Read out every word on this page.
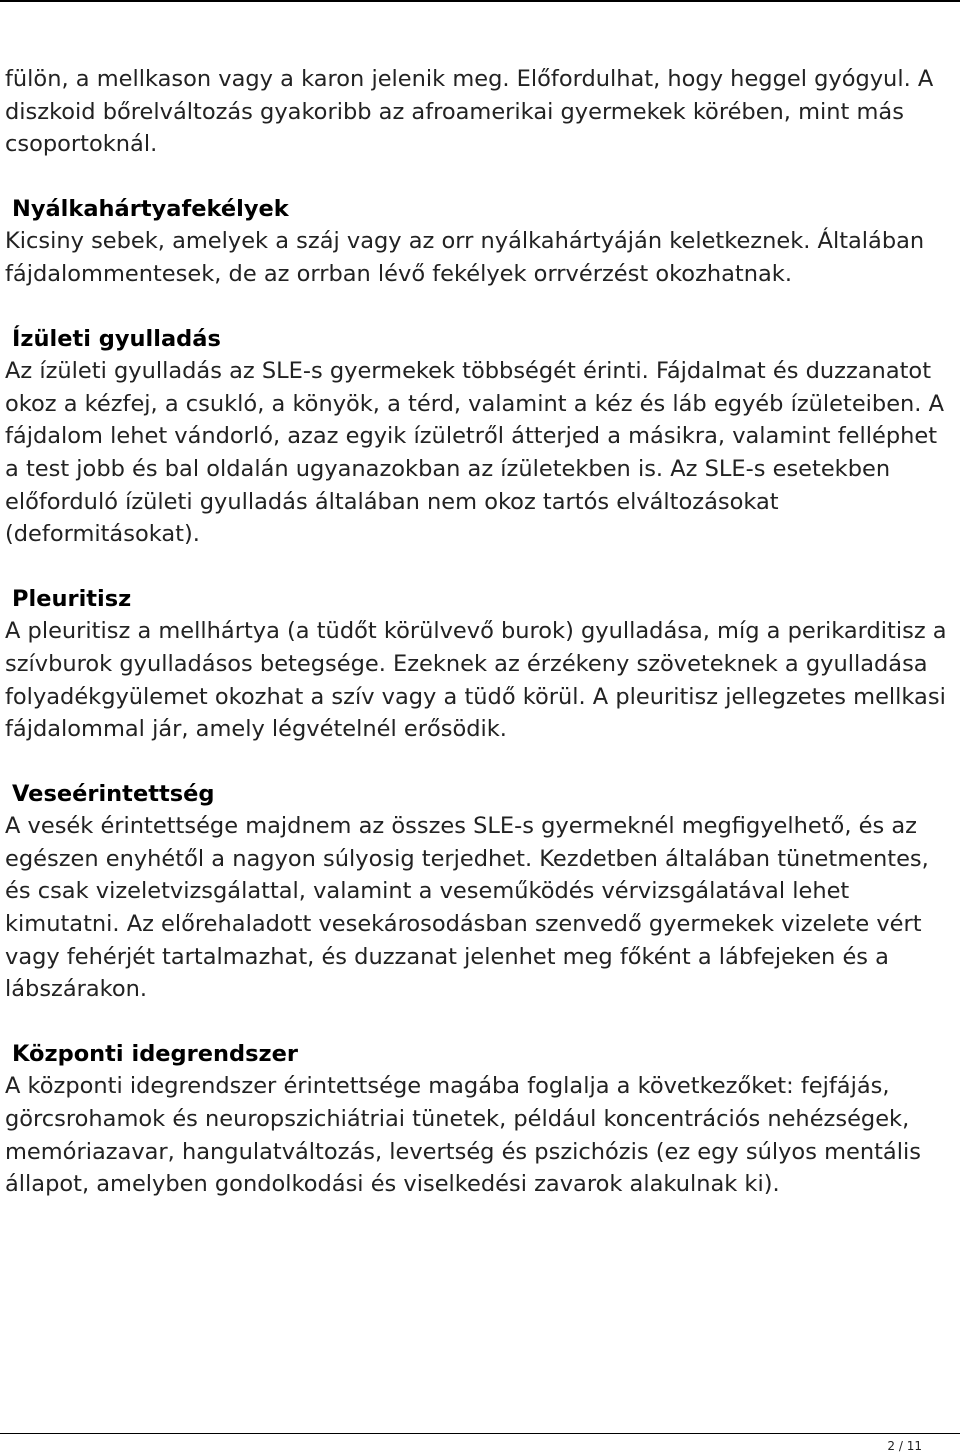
fülön, a mellkason vagy a karon jelenik meg. Előfordulhat, hogy heggel gyógyul. A diszkoid bőrelváltozás gyakoribb az afroamerikai gyermekek körében, mint más csoportoknál.

Nyálkahártyafekélyek

Kicsiny sebek, amelyek a száj vagy az orr nyálkahártyáján keletkeznek. Általában fájdalommentesek, de az orrban lévő fekélyek orrvérzést okozhatnak.

Ízületi gyulladás

Az ízületi gyulladás az SLE-s gyermekek többségét érinti. Fájdalmat és duzzanatot okoz a kézfej, a csukló, a könyök, a térd, valamint a kéz és láb egyéb ízületeiben. A fájdalom lehet vándorló, azaz egyik ízületről átterjed a másikra, valamint felléphet a test jobb és bal oldalán ugyanazokban az ízületekben is. Az SLE-s esetekben előforduló ízületi gyulladás általában nem okoz tartós elváltozásokat (deformitásokat).

Pleuritisz

A pleuritisz a mellhártya (a tüdőt körülvevő burok) gyulladása, míg a perikarditisz a szívburok gyulladásos betegsége. Ezeknek az érzékeny szöveteknek a gyulladása folyadékgyülemet okozhat a szív vagy a tüdő körül. A pleuritisz jellegzetes mellkasi fájdalommal jár, amely légvételnél erősödik.

Veseérintettség

A vesék érintettsége majdnem az összes SLE-s gyermeknél megfigyelhető, és az egészen enyhétől a nagyon súlyosig terjedhet. Kezdetben általában tünetmentes, és csak vizeletvizsgálattal, valamint a veseműködés vérvizsgálatával lehet kimutatni. Az előrehaladott vesekárosodásban szenvedő gyermekek vizelete vért vagy fehérjét tartalmazhat, és duzzanat jelenhet meg főként a lábfejeken és a lábszárakon.

Központi idegrendszer

A központi idegrendszer érintettsége magába foglalja a következőket: fejfájás, görcsrohamok és neuropszichiátriai tünetek, például koncentrációs nehézségek, memóriazavar, hangulatváltozás, levertség és pszichózis (ez egy súlyos mentális állapot, amelyben gondolkodási és viselkedési zavarok alakulnak ki).

2 / 11
